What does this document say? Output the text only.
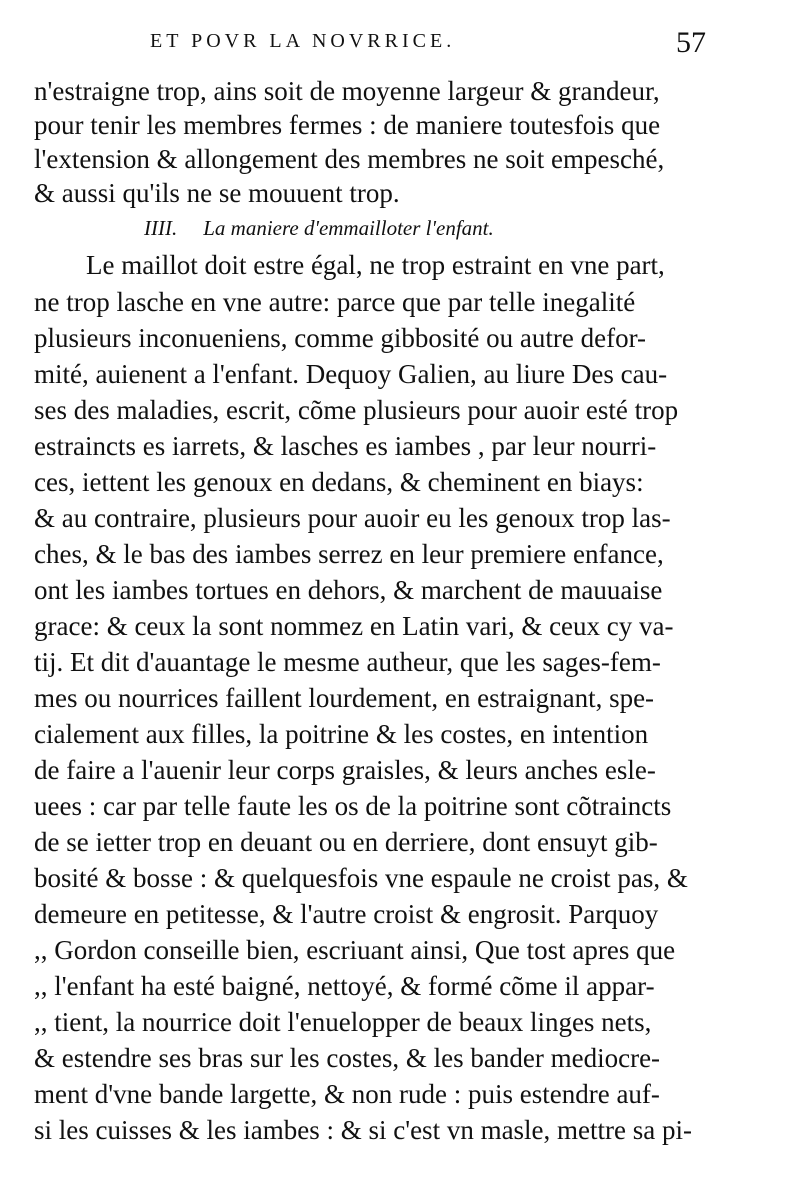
ET POVR LA NOVRRICE.	57
n'estraigne trop, ains soit de moyenne largeur & grandeur,
pour tenir les membres fermes : de maniere toutesfois que
l'extension & allongement des membres ne soit empesché,
& aussi qu'ils ne se mouuent trop.
IIII. La maniere d'emmailloter l'enfant.
Le maillot doit estre égal, ne trop estraint en vne part,
ne trop lasche en vne autre: parce que par telle inegalité
plusieurs inconueniens, comme gibbosité ou autre defor-
mité, auienent a l'enfant. Dequoy Galien, au liure Des cau-
ses des maladies, escrit, cõme plusieurs pour auoir esté trop
estraincts es iarrets, & lasches es iambes , par leur nourri-
ces, iettent les genoux en dedans, & cheminent en biays:
& au contraire, plusieurs pour auoir eu les genoux trop las-
ches, & le bas des iambes serrez en leur premiere enfance,
ont les iambes tortues en dehors, & marchent de mauuaise
grace: & ceux la sont nommez en Latin vari, & ceux cy va-
tij. Et dit d'auantage le mesme autheur, que les sages-fem-
mes ou nourrices faillent lourdement, en estraignant, spe-
cialement aux filles, la poitrine & les costes, en intention
de faire a l'auenir leur corps graisles, & leurs anches esle-
uees : car par telle faute les os de la poitrine sont cõtraincts
de se ietter trop en deuant ou en derriere, dont ensuyt gib-
bosité & bosse : & quelquesfois vne espaule ne croist pas, &
demeure en petitesse, & l'autre croist & engrosit. Parquoy
,, Gordon conseille bien, escriuant ainsi, Que tost apres que
,, l'enfant ha esté baigné, nettoyé, & formé cõme il appar-
,, tient, la nourrice doit l'enuelopper de beaux linges nets,
& estendre ses bras sur les costes, & les bander mediocre-
ment d'vne bande largette, & non rude : puis estendre auf-
si les cuisses & les iambes : & si c'est vn masle, mettre sa pi-
